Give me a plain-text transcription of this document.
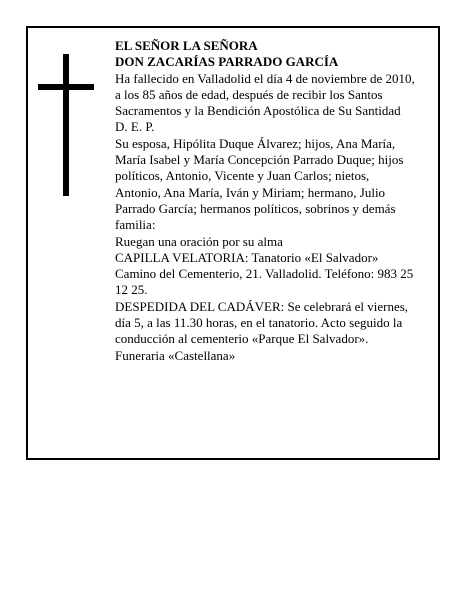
EL SEÑOR LA SEÑORA

DON ZACARÍAS PARRADO GARCÍA

Ha fallecido en Valladolid el día 4 de noviembre de 2010, a los 85 años de edad, después de recibir los Santos Sacramentos y la Bendición Apostólica de Su Santidad

D. E. P.

Su esposa, Hipólita Duque Álvarez; hijos, Ana María, María Isabel y María Concepción Parrado Duque; hijos políticos, Antonio, Vicente y Juan Carlos; nietos, Antonio, Ana María, Iván y Miriam; hermano, Julio Parrado García; hermanos políticos, sobrinos y demás familia:

Ruegan una oración por su alma

CAPILLA VELATORIA: Tanatorio «El Salvador» Camino del Cementerio, 21. Valladolid. Teléfono: 983 25 12 25.

DESPEDIDA DEL CADÁVER: Se celebrará el viernes, día 5, a las 11.30 horas, en el tanatorio. Acto seguido la conducción al cementerio «Parque El Salvador».

Funeraria «Castellana»
